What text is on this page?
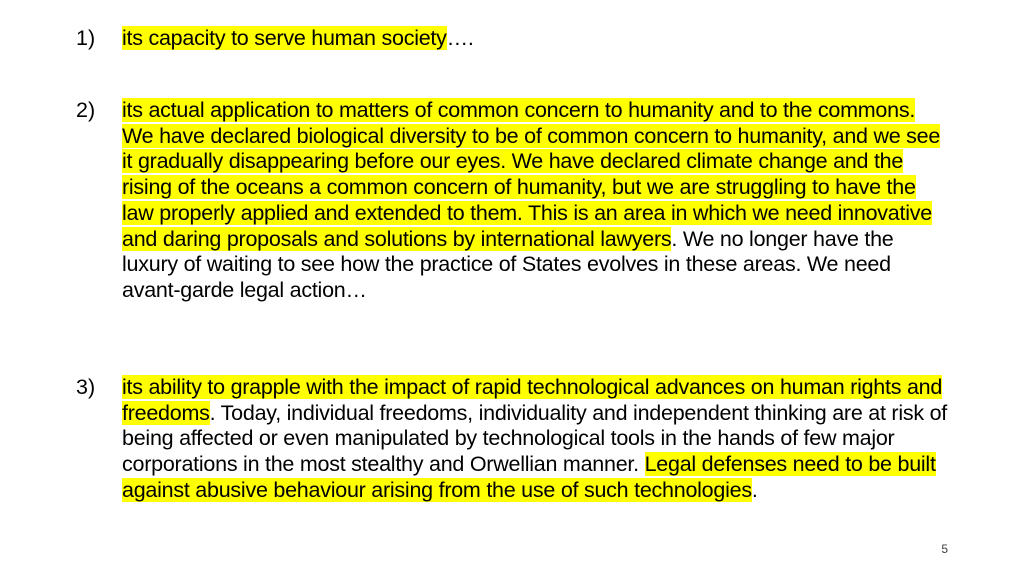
1)	its capacity to serve human society….
2)	its actual application to matters of common concern to humanity and to the commons. We have declared biological diversity to be of common concern to humanity, and we see it gradually disappearing before our eyes. We have declared climate change and the rising of the oceans a common concern of humanity, but we are struggling to have the law properly applied and extended to them. This is an area in which we need innovative and daring proposals and solutions by international lawyers. We no longer have the luxury of waiting to see how the practice of States evolves in these areas. We need avant-garde legal action…
3)	its ability to grapple with the impact of rapid technological advances on human rights and freedoms. Today, individual freedoms, individuality and independent thinking are at risk of being affected or even manipulated by technological tools in the hands of few major corporations in the most stealthy and Orwellian manner. Legal defenses need to be built against abusive behaviour arising from the use of such technologies.
5
